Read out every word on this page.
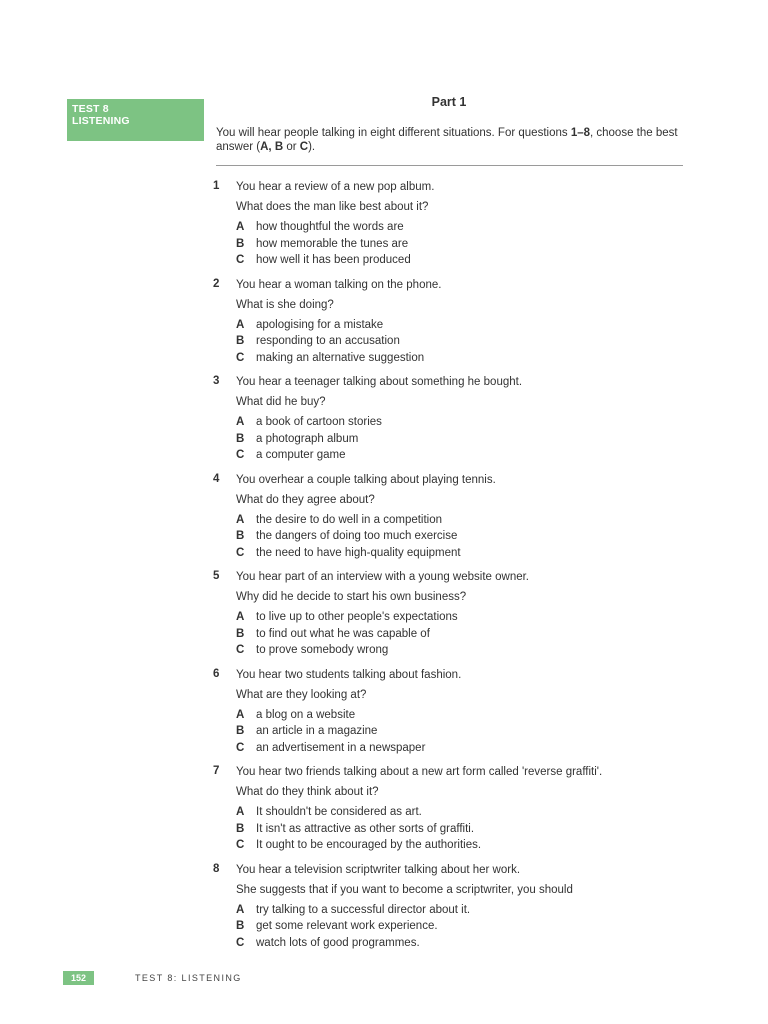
TEST 8
LISTENING
Part 1
You will hear people talking in eight different situations. For questions 1–8, choose the best answer (A, B or C).
1 You hear a review of a new pop album.
What does the man like best about it?
A how thoughtful the words are
B how memorable the tunes are
C how well it has been produced
2 You hear a woman talking on the phone.
What is she doing?
A apologising for a mistake
B responding to an accusation
C making an alternative suggestion
3 You hear a teenager talking about something he bought.
What did he buy?
A a book of cartoon stories
B a photograph album
C a computer game
4 You overhear a couple talking about playing tennis.
What do they agree about?
A the desire to do well in a competition
B the dangers of doing too much exercise
C the need to have high-quality equipment
5 You hear part of an interview with a young website owner.
Why did he decide to start his own business?
A to live up to other people's expectations
B to find out what he was capable of
C to prove somebody wrong
6 You hear two students talking about fashion.
What are they looking at?
A a blog on a website
B an article in a magazine
C an advertisement in a newspaper
7 You hear two friends talking about a new art form called 'reverse graffiti'.
What do they think about it?
A It shouldn't be considered as art.
B It isn't as attractive as other sorts of graffiti.
C It ought to be encouraged by the authorities.
8 You hear a television scriptwriter talking about her work.
She suggests that if you want to become a scriptwriter, you should
A try talking to a successful director about it.
B get some relevant work experience.
C watch lots of good programmes.
152	TEST 8: LISTENING
